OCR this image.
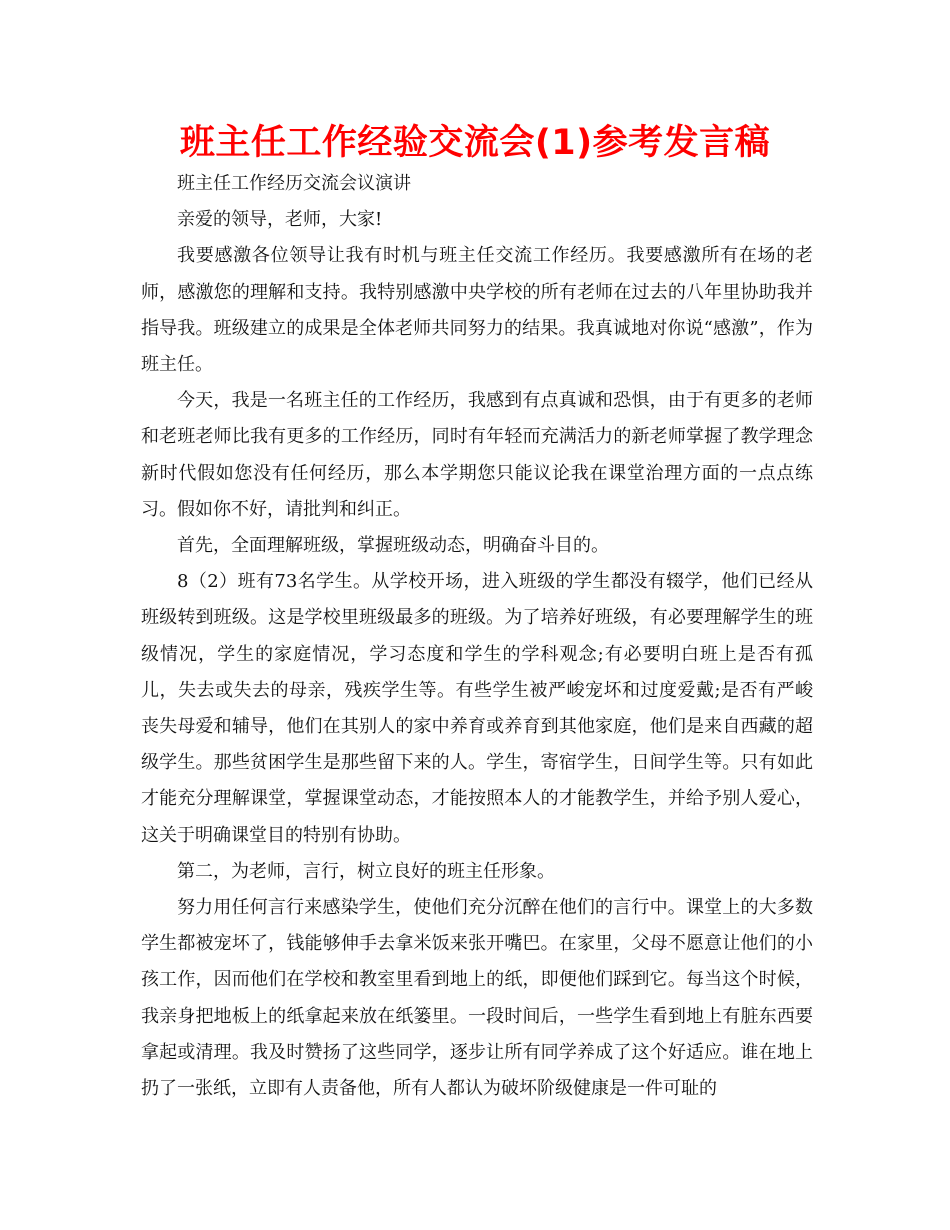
班主任工作经验交流会(1)参考发言稿

班主任工作经历交流会议演讲

亲爱的领导，老师，大家!

我要感激各位领导让我有时机与班主任交流工作经历。我要感激所有在场的老师，感激您的理解和支持。我特别感激中央学校的所有老师在过去的八年里协助我并指导我。班级建立的成果是全体老师共同努力的结果。我真诚地对你说“感激”，作为班主任。

今天，我是一名班主任的工作经历，我感到有点真诚和恐惧，由于有更多的老师和老班老师比我有更多的工作经历，同时有年轻而充满活力的新老师掌握了教学理念新时代假如您没有任何经历，那么本学期您只能议论我在课堂治理方面的一点点练习。假如你不好，请批判和纠正。

首先，全面理解班级，掌握班级动态，明确奋斗目的。

8（2）班有73名学生。从学校开场，进入班级的学生都没有辍学，他们已经从班级转到班级。这是学校里班级最多的班级。为了培养好班级，有必要理解学生的班级情况，学生的家庭情况，学习态度和学生的学科观念;有必要明白班上是否有孤儿，失去或失去的母亲，残疾学生等。有些学生被严峻宠坏和过度爱戴;是否有严峻丧失母爱和辅导，他们在其别人的家中养育或养育到其他家庭，他们是来自西藏的超级学生。那些贫困学生是那些留下来的人。学生，寄宿学生，日间学生等。只有如此才能充分理解课堂，掌握课堂动态，才能按照本人的才能教学生，并给予别人爱心，这关于明确课堂目的特别有协助。

第二，为老师，言行，树立良好的班主任形象。

努力用任何言行来感染学生，使他们充分沉醉在他们的言行中。课堂上的大多数学生都被宠坏了，钱能够伸手去拿米饭来张开嘴巴。在家里，父母不愿意让他们的小孩工作，因而他们在学校和教室里看到地上的纸，即便他们踩到它。每当这个时候，我亲身把地板上的纸拿起来放在纸篓里。一段时间后，一些学生看到地上有脏东西要拿起或清理。我及时赞扬了这些同学，逐步让所有同学养成了这个好适应。谁在地上扔了一张纸，立即有人责备他，所有人都认为破坏阶级健康是一件可耻的
